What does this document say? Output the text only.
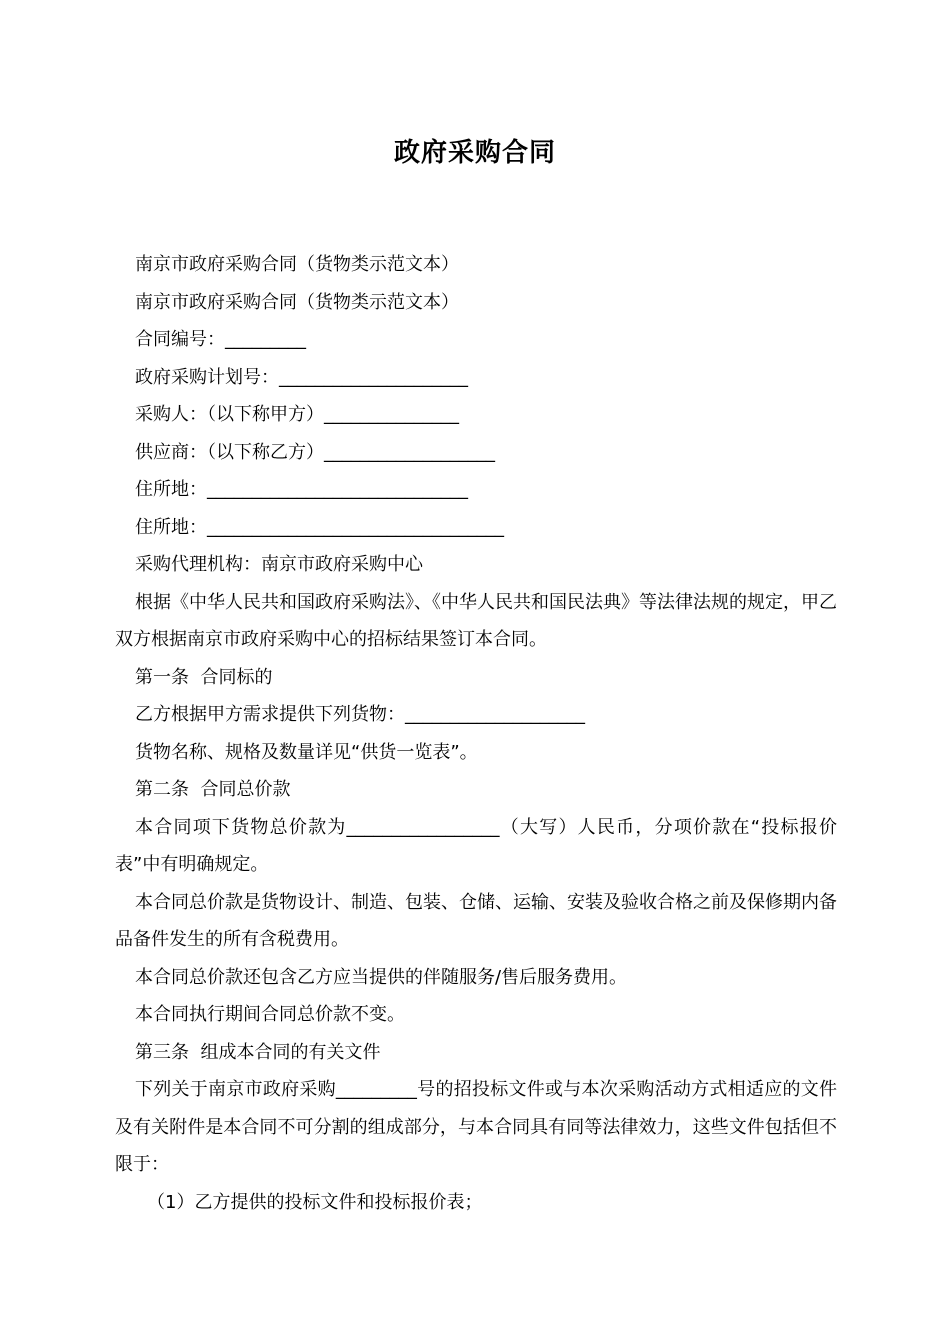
政府采购合同

南京市政府采购合同（货物类示范文本）

南京市政府采购合同（货物类示范文本）

合同编号：_________

政府采购计划号：_____________________

采购人：（以下称甲方）_______________

供应商：（以下称乙方）___________________

住所地：_____________________________

住所地：_________________________________

采购代理机构：南京市政府采购中心

根据《中华人民共和国政府采购法》、《中华人民共和国民法典》等法律法规的规定，甲乙双方根据南京市政府采购中心的招标结果签订本合同。

第一条  合同标的

乙方根据甲方需求提供下列货物：____________________

货物名称、规格及数量详见“供货一览表”。

第二条  合同总价款

本合同项下货物总价款为_________________（大写）人民币，分项价款在“投标报价表”中有明确规定。

本合同总价款是货物设计、制造、包装、仓储、运输、安装及验收合格之前及保修期内备品备件发生的所有含税费用。

本合同总价款还包含乙方应当提供的伴随服务/售后服务费用。

本合同执行期间合同总价款不变。

第三条  组成本合同的有关文件

下列关于南京市政府采购_________号的招投标文件或与本次采购活动方式相适应的文件及有关附件是本合同不可分割的组成部分，与本合同具有同等法律效力，这些文件包括但不限于：

（1）乙方提供的投标文件和投标报价表；
